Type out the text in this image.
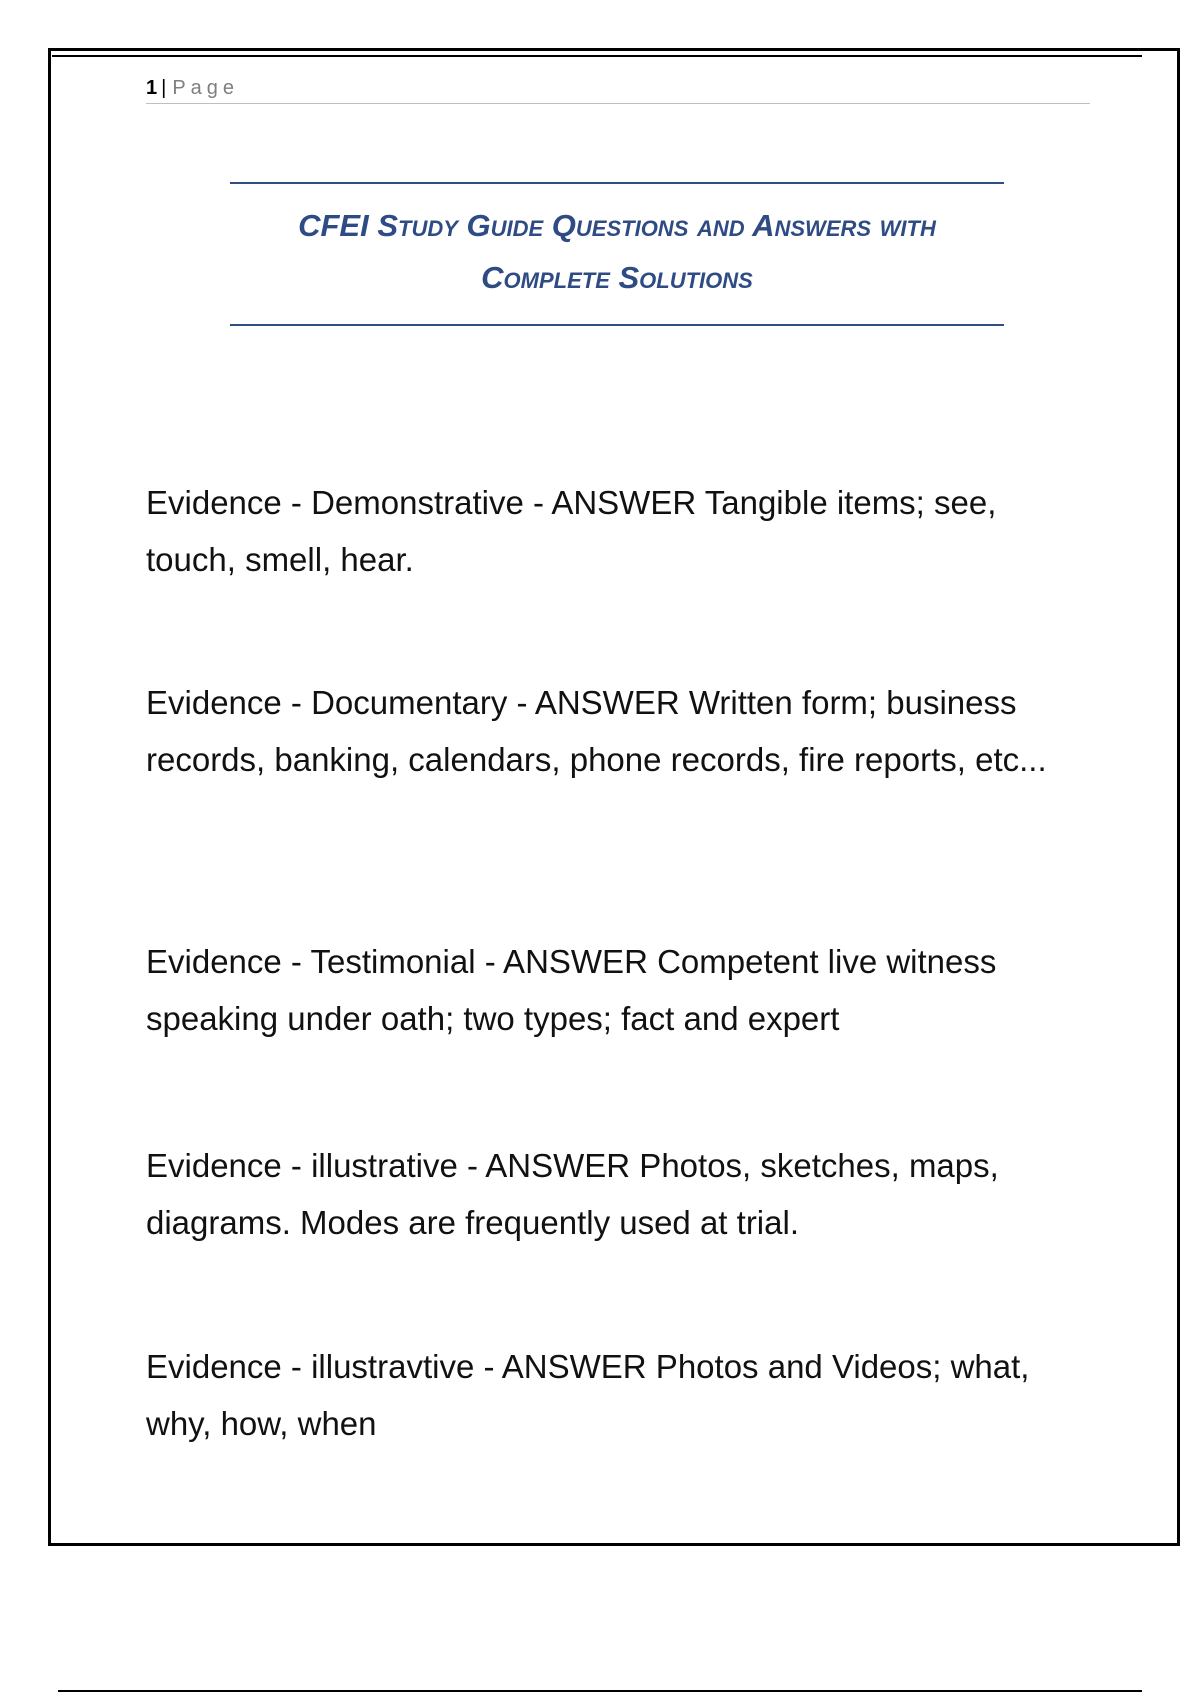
1 | Page
CFEI Study Guide Questions and Answers with
Complete Solutions

Evidence - Demonstrative - ANSWER Tangible items; see, touch, smell, hear.

Evidence - Documentary - ANSWER Written form; business records, banking, calendars, phone records, fire reports, etc...

Evidence - Testimonial - ANSWER Competent live witness speaking under oath; two types; fact and expert

Evidence - illustrative - ANSWER Photos, sketches, maps, diagrams. Modes are frequently used at trial.

Evidence - illustravtive - ANSWER Photos and Videos; what, why, how, when
